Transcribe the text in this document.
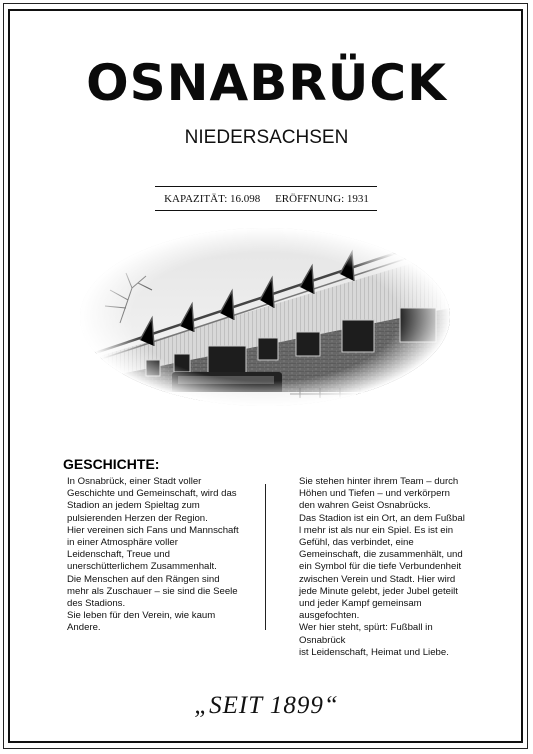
OSNABRÜCK
NIEDERSACHSEN
KAPAZITÄT: 16.098 ERÖFFNUNG: 1931
GESCHICHTE:

In Osnabrück, einer Stadt voller
Geschichte und Gemeinschaft, wird das
Stadion an jedem Spieltag zum
pulsierenden Herzen der Region.
Hier vereinen sich Fans und Mannschaft
in einer Atmosphäre voller
Leidenschaft, Treue und
unerschütterlichem Zusammenhalt.
Die Menschen auf den Rängen sind
mehr als Zuschauer – sie sind die Seele
des Stadions.
Sie leben für den Verein, wie kaum
Andere.

Sie stehen hinter ihrem Team – durch
Höhen und Tiefen – und verkörpern
den wahren Geist Osnabrücks.
Das Stadion ist ein Ort, an dem Fußbal
l mehr ist als nur ein Spiel. Es ist ein
Gefühl, das verbindet, eine
Gemeinschaft, die zusammenhält, und
ein Symbol für die tiefe Verbundenheit
zwischen Verein und Stadt. Hier wird
jede Minute gelebt, jeder Jubel geteilt
und jeder Kampf gemeinsam ausgefochten.
Wer hier steht, spürt: Fußball in Osnabrück
ist Leidenschaft, Heimat und Liebe.

„SEIT 1899“
